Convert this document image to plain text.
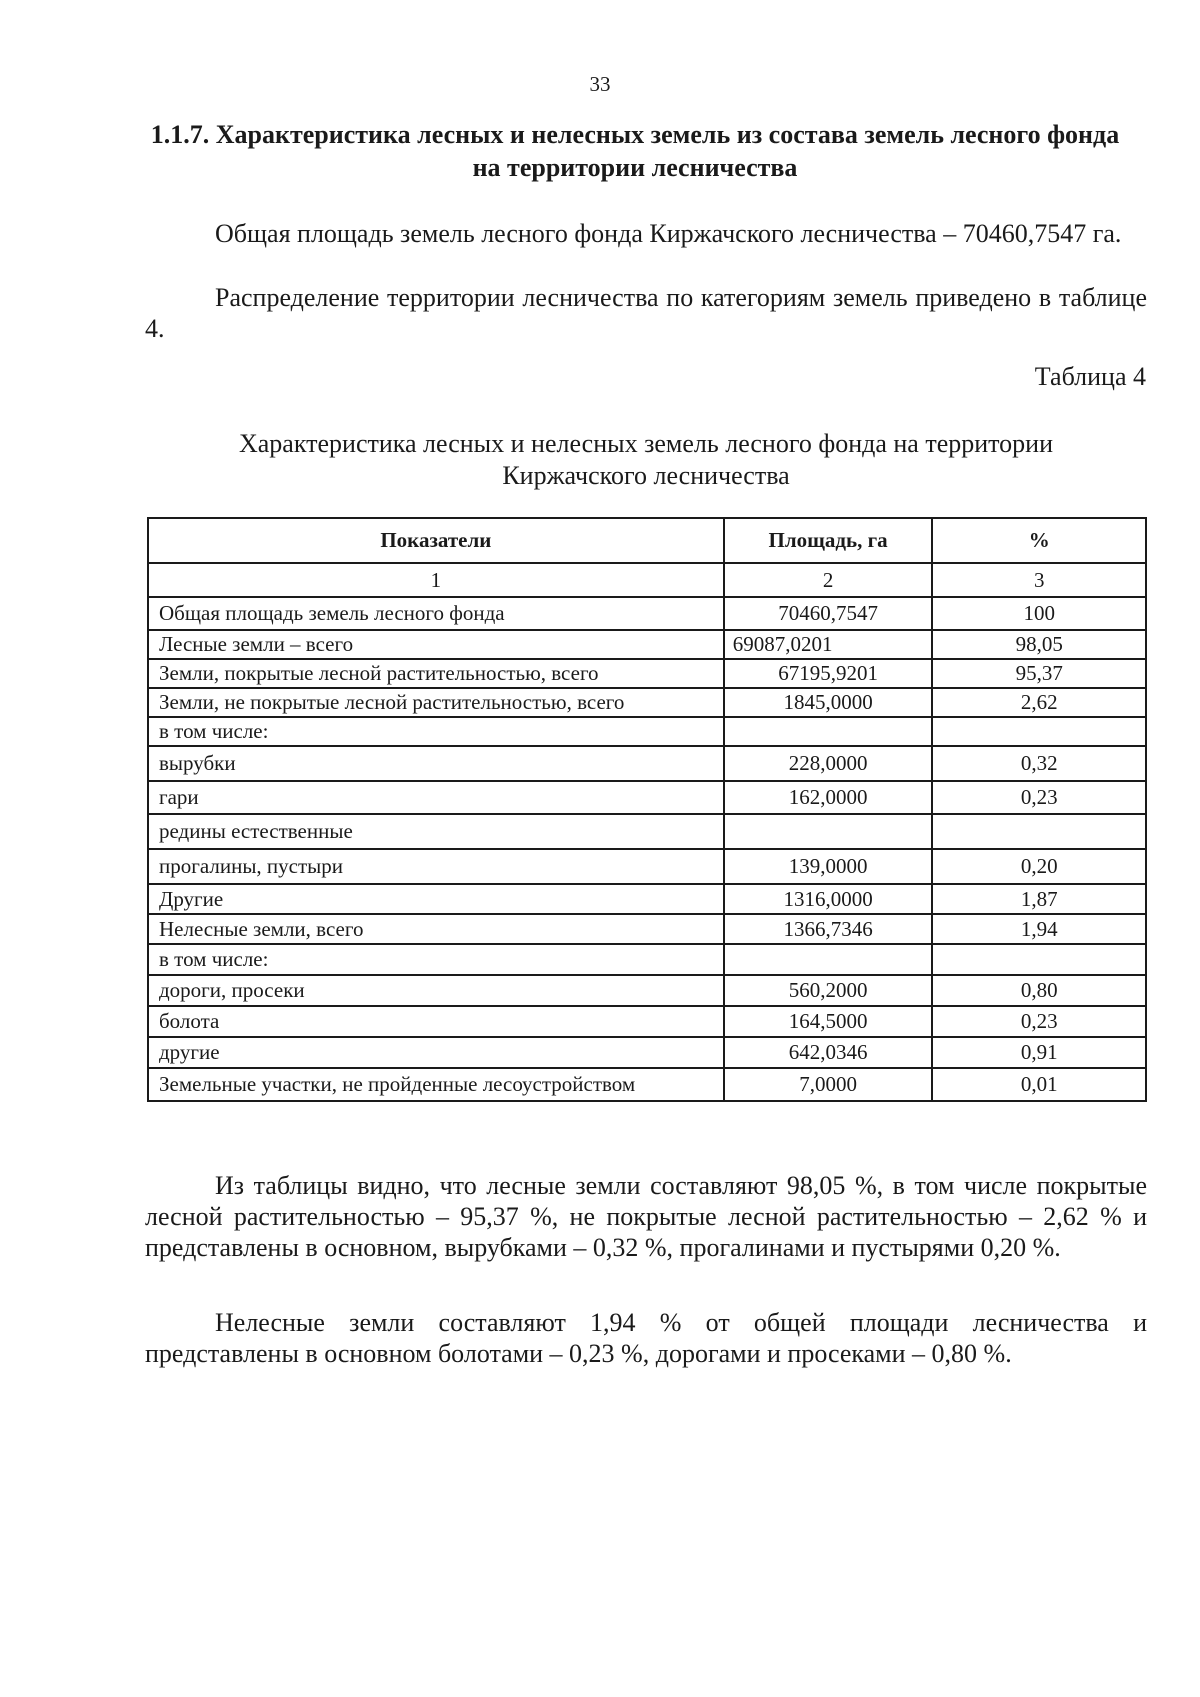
33
1.1.7. Характеристика лесных и нелесных земель из состава земель лесного фонда на территории лесничества

Общая площадь земель лесного фонда Киржачского лесничества – 70460,7547 га.

Распределение территории лесничества по категориям земель приведено в таблице 4.

Таблица 4
Характеристика лесных и нелесных земель лесного фонда на территории
Киржачского лесничества
Показатели	Площадь, га	%
1	2	3
Общая площадь земель лесного фонда	70460,7547	100
Лесные земли – всего	69087,0201	98,05
Земли, покрытые лесной растительностью, всего	67195,9201	95,37
Земли, не покрытые лесной растительностью, всего	1845,0000	2,62
в том числе:		
вырубки	228,0000	0,32
гари	162,0000	0,23
редины естественные		
прогалины, пустыри	139,0000	0,20
Другие	1316,0000	1,87
Нелесные земли, всего	1366,7346	1,94
в том числе:		
дороги, просеки	560,2000	0,80
болота	164,5000	0,23
другие	642,0346	0,91
Земельные участки, не пройденные лесоустройством	7,0000	0,01

Из таблицы видно, что лесные земли составляют 98,05 %, в том числе покрытые лесной растительностью – 95,37 %, не покрытые лесной растительностью – 2,62 % и представлены в основном, вырубками – 0,32 %, прогалинами и пустырями 0,20 %.

Нелесные земли составляют 1,94 % от общей площади лесничества и представлены в основном болотами – 0,23 %, дорогами и просеками – 0,80 %.
